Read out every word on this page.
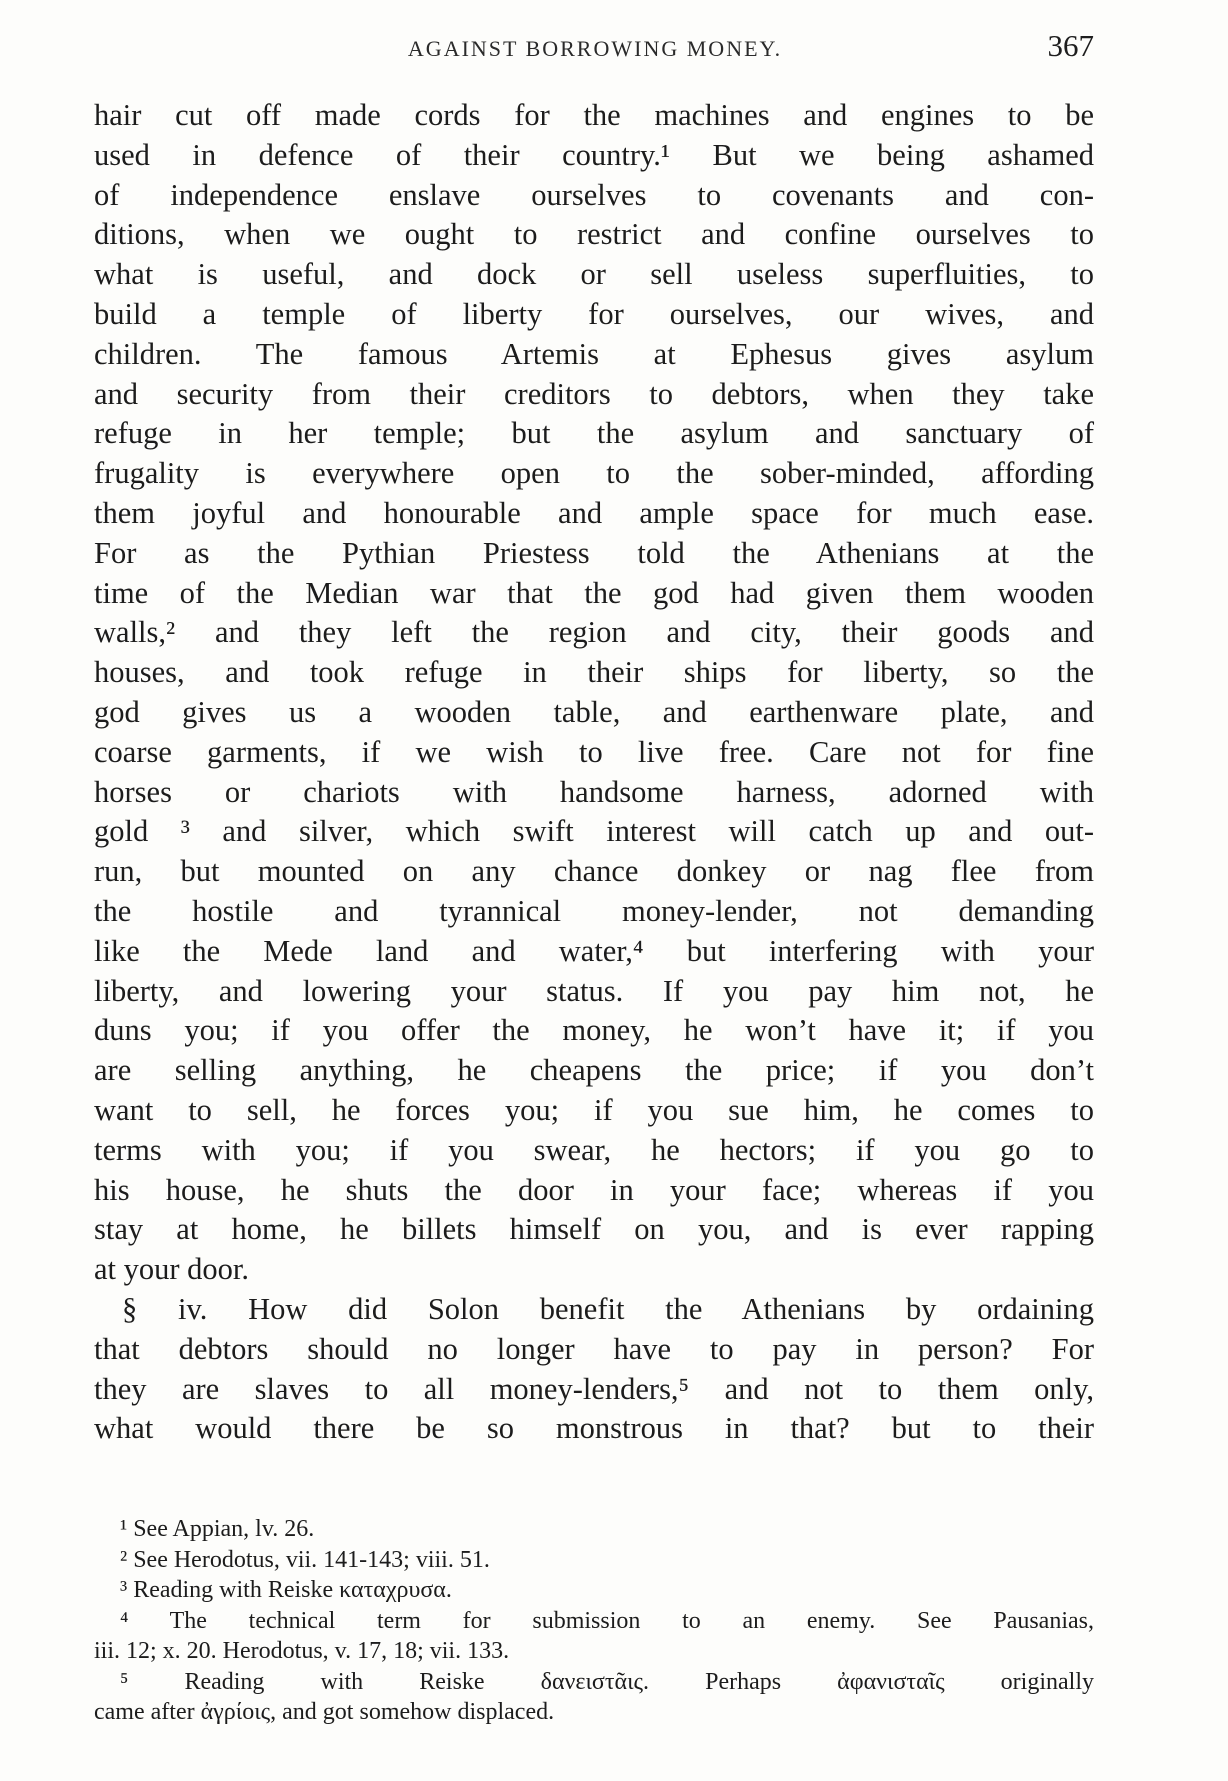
AGAINST BORROWING MONEY.	367
hair cut off made cords for the machines and engines to be
used in defence of their country.¹ But we being ashamed
of independence enslave ourselves to covenants and con-
ditions, when we ought to restrict and confine ourselves to
what is useful, and dock or sell useless superfluities, to
build a temple of liberty for ourselves, our wives, and
children. The famous Artemis at Ephesus gives asylum
and security from their creditors to debtors, when they take
refuge in her temple; but the asylum and sanctuary of
frugality is everywhere open to the sober-minded, affording
them joyful and honourable and ample space for much ease.
For as the Pythian Priestess told the Athenians at the
time of the Median war that the god had given them wooden
walls,² and they left the region and city, their goods and
houses, and took refuge in their ships for liberty, so the
god gives us a wooden table, and earthenware plate, and
coarse garments, if we wish to live free. Care not for fine
horses or chariots with handsome harness, adorned with
gold ³ and silver, which swift interest will catch up and out-
run, but mounted on any chance donkey or nag flee from
the hostile and tyrannical money-lender, not demanding
like the Mede land and water,⁴ but interfering with your
liberty, and lowering your status. If you pay him not, he
duns you; if you offer the money, he won’t have it; if you
are selling anything, he cheapens the price; if you don’t
want to sell, he forces you; if you sue him, he comes to
terms with you; if you swear, he hectors; if you go to
his house, he shuts the door in your face; whereas if you
stay at home, he billets himself on you, and is ever rapping
at your door.
§ iv. How did Solon benefit the Athenians by ordaining
that debtors should no longer have to pay in person? For
they are slaves to all money-lenders,⁵ and not to them only,
what would there be so monstrous in that? but to their
¹ See Appian, lv. 26.
² See Herodotus, vii. 141-143; viii. 51.
³ Reading with Reiske καταχρυσα.
⁴ The technical term for submission to an enemy. See Pausanias,
iii. 12; x. 20. Herodotus, v. 17, 18; vii. 133.
⁵ Reading with Reiske δανειστᾶις. Perhaps ἀφανισταῖς originally
came after ἀγρίοις, and got somehow displaced.
